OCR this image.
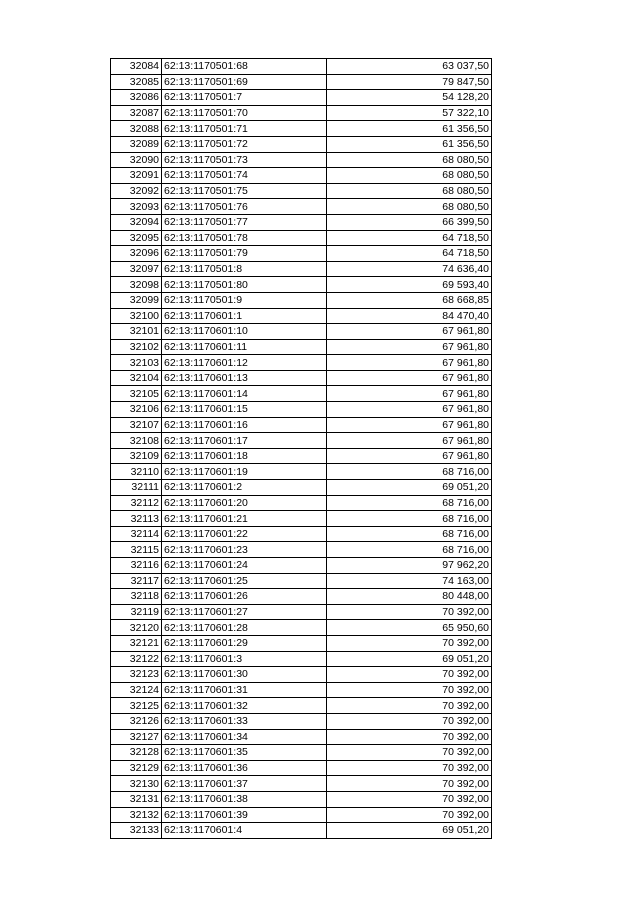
32084	62:13:1170501:68	63 037,50
32085	62:13:1170501:69	79 847,50
32086	62:13:1170501:7	54 128,20
32087	62:13:1170501:70	57 322,10
32088	62:13:1170501:71	61 356,50
32089	62:13:1170501:72	61 356,50
32090	62:13:1170501:73	68 080,50
32091	62:13:1170501:74	68 080,50
32092	62:13:1170501:75	68 080,50
32093	62:13:1170501:76	68 080,50
32094	62:13:1170501:77	66 399,50
32095	62:13:1170501:78	64 718,50
32096	62:13:1170501:79	64 718,50
32097	62:13:1170501:8	74 636,40
32098	62:13:1170501:80	69 593,40
32099	62:13:1170501:9	68 668,85
32100	62:13:1170601:1	84 470,40
32101	62:13:1170601:10	67 961,80
32102	62:13:1170601:11	67 961,80
32103	62:13:1170601:12	67 961,80
32104	62:13:1170601:13	67 961,80
32105	62:13:1170601:14	67 961,80
32106	62:13:1170601:15	67 961,80
32107	62:13:1170601:16	67 961,80
32108	62:13:1170601:17	67 961,80
32109	62:13:1170601:18	67 961,80
32110	62:13:1170601:19	68 716,00
32111	62:13:1170601:2	69 051,20
32112	62:13:1170601:20	68 716,00
32113	62:13:1170601:21	68 716,00
32114	62:13:1170601:22	68 716,00
32115	62:13:1170601:23	68 716,00
32116	62:13:1170601:24	97 962,20
32117	62:13:1170601:25	74 163,00
32118	62:13:1170601:26	80 448,00
32119	62:13:1170601:27	70 392,00
32120	62:13:1170601:28	65 950,60
32121	62:13:1170601:29	70 392,00
32122	62:13:1170601:3	69 051,20
32123	62:13:1170601:30	70 392,00
32124	62:13:1170601:31	70 392,00
32125	62:13:1170601:32	70 392,00
32126	62:13:1170601:33	70 392,00
32127	62:13:1170601:34	70 392,00
32128	62:13:1170601:35	70 392,00
32129	62:13:1170601:36	70 392,00
32130	62:13:1170601:37	70 392,00
32131	62:13:1170601:38	70 392,00
32132	62:13:1170601:39	70 392,00
32133	62:13:1170601:4	69 051,20
